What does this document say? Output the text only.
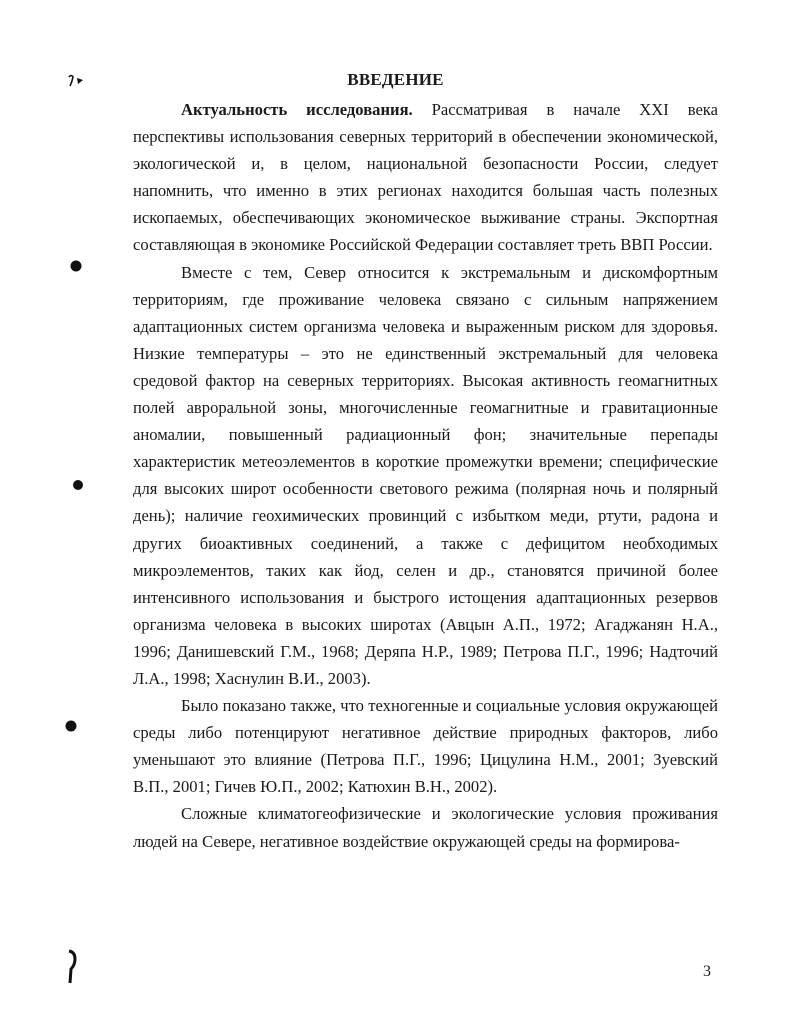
ВВЕДЕНИЕ

Актуальность исследования. Рассматривая в начале XXI века перспективы использования северных территорий в обеспечении экономической, экологической и, в целом, национальной безопасности России, следует напомнить, что именно в этих регионах находится большая часть полезных ископаемых, обеспечивающих экономическое выживание страны. Экспортная составляющая в экономике Российской Федерации составляет треть ВВП России.

Вместе с тем, Север относится к экстремальным и дискомфортным территориям, где проживание человека связано с сильным напряжением адаптационных систем организма человека и выраженным риском для здоровья. Низкие температуры – это не единственный экстремальный для человека средовой фактор на северных территориях. Высокая активность геомагнитных полей авроральной зоны, многочисленные геомагнитные и гравитационные аномалии, повышенный радиационный фон; значительные перепады характеристик метеоэлементов в короткие промежутки времени; специфические для высоких широт особенности светового режима (полярная ночь и полярный день); наличие геохимических провинций с избытком меди, ртути, радона и других биоактивных соединений, а также с дефицитом необходимых микроэлементов, таких как йод, селен и др., становятся причиной более интенсивного использования и быстрого истощения адаптационных резервов организма человека в высоких широтах (Авцын А.П., 1972; Агаджанян Н.А., 1996; Данишевский Г.М., 1968; Деряпа Н.Р., 1989; Петрова П.Г., 1996; Надточий Л.А., 1998; Хаснулин В.И., 2003).

Было показано также, что техногенные и социальные условия окружающей среды либо потенцируют негативное действие природных факторов, либо уменьшают это влияние (Петрова П.Г., 1996; Цицулина Н.М., 2001; Зуевский В.П., 2001; Гичев Ю.П., 2002; Катюхин В.Н., 2002).

Сложные климатогеофизические и экологические условия проживания людей на Севере, негативное воздействие окружающей среды на формирова-

3
